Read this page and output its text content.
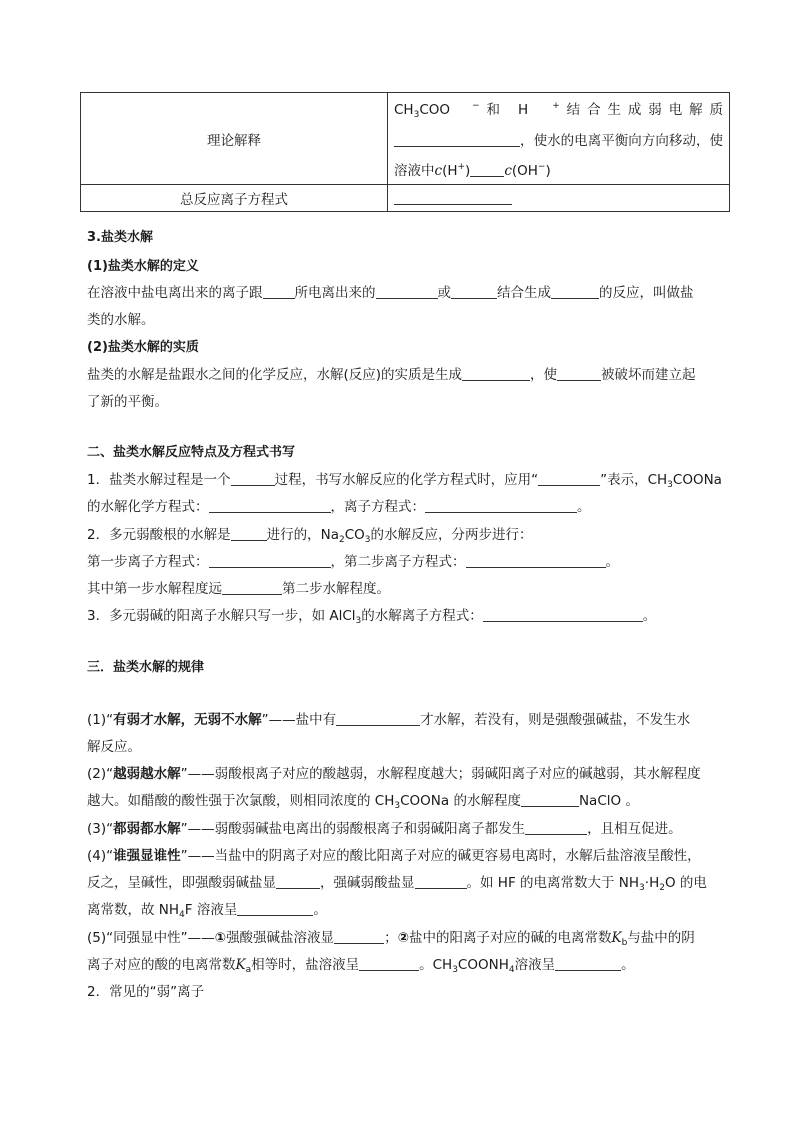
理论解释	$CH_3COO$ −和 H +结合生成弱电解质，使水的电离平衡向方向移动，使溶液中c(H+) c(OH−)
总反应离子方程式	
3.盐类水解
(1)盐类水解的定义
在溶液中盐电离出来的离子跟 所电离出来的	或	结合生成	的反应，叫做盐
类的水解。
(2)盐类水解的实质
盐类的水解是盐跟水之间的化学反应，水解(反应)的实质是生成	，使	被破坏而建立起
了新的平衡。
二、盐类水解反应特点及方程式书写
1．盐类水解过程是一个	过程，书写水解反应的化学方程式时，应用“	”表示，$CH_3COONa$
的水解化学方程式：	，离子方程式：	。
2．多元弱酸根的水解是	进行的，$Na_2CO_3$的水解反应，分两步进行：
第一步离子方程式：	，第二步离子方程式：	。
其中第一步水解程度远	第二步水解程度。
3．多元弱碱的阳离子水解只写一步，如 AlCl$_3$的水解离子方程式：	。
三．盐类水解的规律
(1)“有弱才水解，无弱不水解”——盐中有	才水解，若没有，则是强酸强碱盐，不发生水
解反应。
(2)“越弱越水解”——弱酸根离子对应的酸越弱，水解程度越大；弱碱阳离子对应的碱越弱，其水解程度
越大。如醋酸的酸性强于次氯酸，则相同浓度的 $CH_3COONa$ 的水解程度	NaClO 。
(3)“都弱都水解”——弱酸弱碱盐电离出的弱酸根离子和弱碱阳离子都发生	，且相互促进。
(4)“谁强显谁性”——当盐中的阴离子对应的酸比阳离子对应的碱更容易电离时，水解后盐溶液呈酸性，
反之，呈碱性，即强酸弱碱盐显	，强碱弱酸盐显	。如 HF 的电离常数大于 $NH_3\cdot H_2O$ 的电
离常数，故 $NH_4F$ 溶液呈	。
(5)“同强显中性”——①强酸强碱盐溶液显	；②盐中的阳离子对应的碱的电离常数$K_b$与盐中的阴
离子对应的酸的电离常数$K_a$相等时，盐溶液呈	。$CH_3COONH_4$溶液呈	。
2．常见的“弱”离子
